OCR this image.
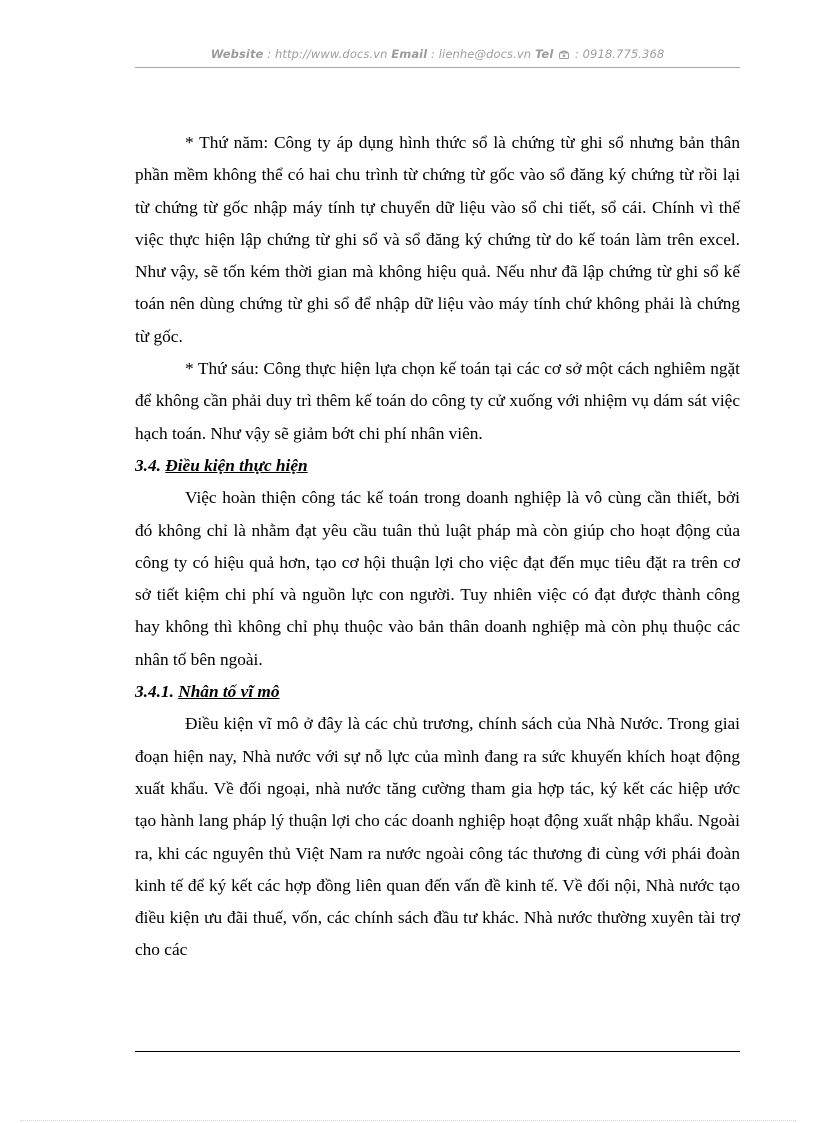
Website : http://www.docs.vn Email : lienhe@docs.vn Tel : 0918.775.368

* Thứ năm: Công ty áp dụng hình thức sổ là chứng từ ghi sổ nhưng bản thân phần mềm không thể có hai chu trình từ chứng từ gốc vào sổ đăng ký chứng từ rồi lại từ chứng từ gốc nhập máy tính tự chuyển dữ liệu vào sổ chi tiết, sổ cái. Chính vì thế việc thực hiện lập chứng từ ghi sổ và sổ đăng ký chứng từ do kế toán làm trên excel. Như vậy, sẽ tốn kém thời gian mà không hiệu quả. Nếu như đã lập chứng từ ghi sổ kế toán nên dùng chứng từ ghi sổ để nhập dữ liệu vào máy tính chứ không phải là chứng từ gốc.

* Thứ sáu: Công thực hiện lựa chọn kế toán tại các cơ sở một cách nghiêm ngặt để không cần phải duy trì thêm kế toán do công ty cử xuống với nhiệm vụ dám sát việc hạch toán. Như vậy sẽ giảm bớt chi phí nhân viên.

3.4. Điều kiện thực hiện

Việc hoàn thiện công tác kế toán trong doanh nghiệp là vô cùng cần thiết, bởi đó không chỉ là nhằm đạt yêu cầu tuân thủ luật pháp mà còn giúp cho hoạt động của công ty có hiệu quả hơn, tạo cơ hội thuận lợi cho việc đạt đến mục tiêu đặt ra trên cơ sở tiết kiệm chi phí và nguồn lực con người. Tuy nhiên việc có đạt được thành công hay không thì không chỉ phụ thuộc vào bản thân doanh nghiệp mà còn phụ thuộc các nhân tố bên ngoài.

3.4.1. Nhân tố vĩ mô

Điều kiện vĩ mô ở đây là các chủ trương, chính sách của Nhà Nước. Trong giai đoạn hiện nay, Nhà nước với sự nỗ lực của mình đang ra sức khuyến khích hoạt động xuất khẩu. Về đối ngoại, nhà nước tăng cường tham gia hợp tác, ký kết các hiệp ước tạo hành lang pháp lý thuận lợi cho các doanh nghiệp hoạt động xuất nhập khẩu. Ngoài ra, khi các nguyên thủ Việt Nam ra nước ngoài công tác thương đi cùng với phái đoàn kinh tế để ký kết các hợp đồng liên quan đến vấn đề kinh tế. Về đối nội, Nhà nước tạo điều kiện ưu đãi thuế, vốn, các chính sách đầu tư khác. Nhà nước thường xuyên tài trợ cho các
